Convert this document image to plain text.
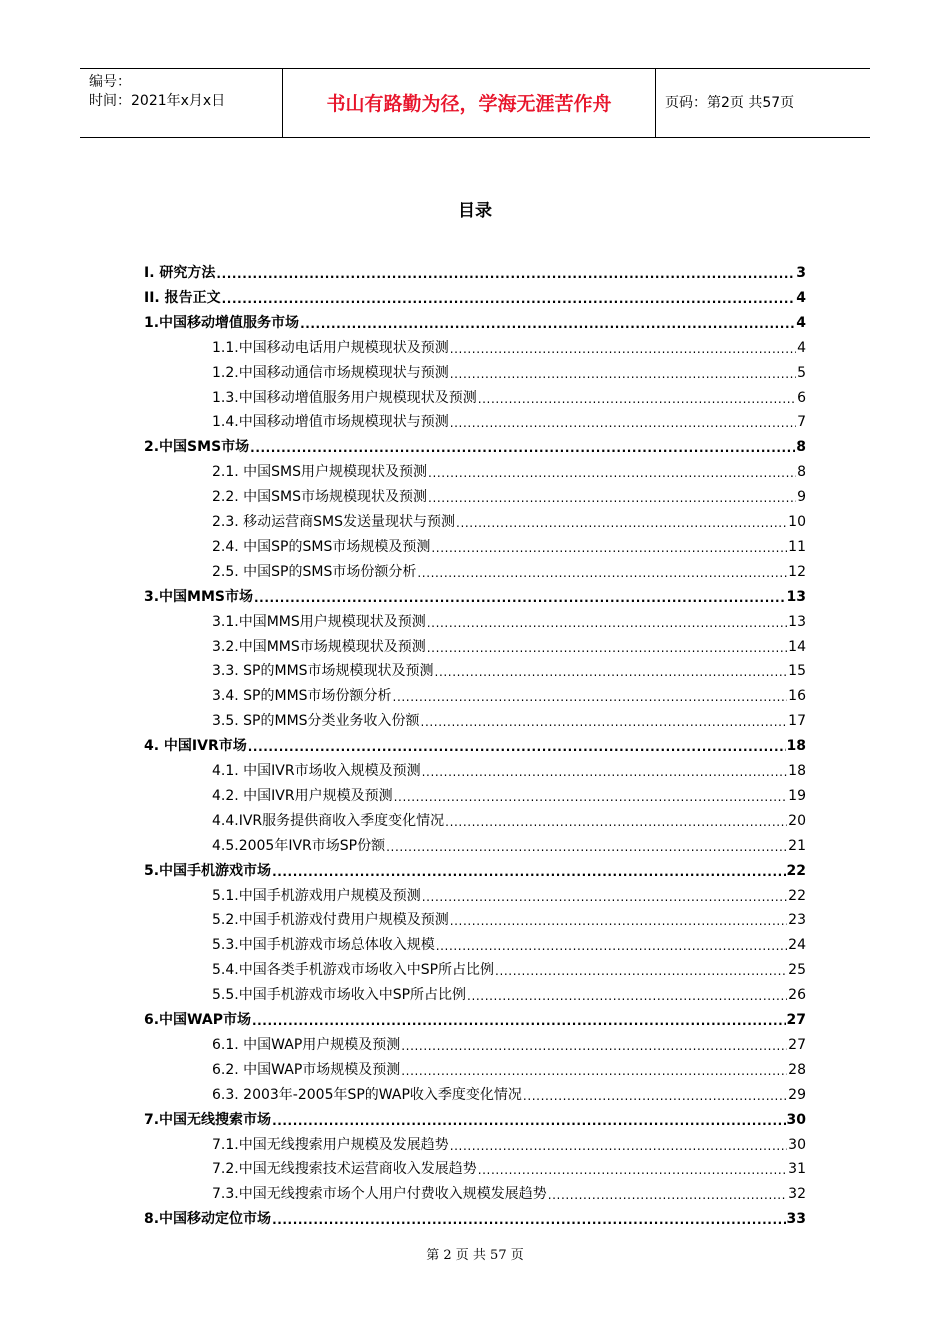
编号：
时间：2021年x月x日	书山有路勤为径，学海无涯苦作舟	页码：第2页 共57页
目录
I. 研究方法 .....	3
II. 报告正文 .....	4
1.中国移动增值服务市场 .....	4
1.1.中国移动电话用户规模现状及预测 .....	4
1.2.中国移动通信市场规模现状与预测 .....	5
1.3.中国移动增值服务用户规模现状及预测 .....	6
1.4.中国移动增值市场规模现状与预测 .....	7
2.中国SMS市场 .....	8
2.1. 中国SMS用户规模现状及预测 .....	8
2.2. 中国SMS市场规模现状及预测 .....	9
2.3. 移动运营商SMS发送量现状与预测 .....	10
2.4. 中国SP的SMS市场规模及预测 .....	11
2.5. 中国SP的SMS市场份额分析 .....	12
3.中国MMS市场 .....	13
3.1.中国MMS用户规模现状及预测 .....	13
3.2.中国MMS市场规模现状及预测 .....	14
3.3. SP的MMS市场规模现状及预测 .....	15
3.4. SP的MMS市场份额分析 .....	16
3.5. SP的MMS分类业务收入份额 .....	17
4. 中国IVR市场 .....	18
4.1. 中国IVR市场收入规模及预测 .....	18
4.2. 中国IVR用户规模及预测 .....	19
4.4.IVR服务提供商收入季度变化情况 .....	20
4.5.2005年IVR市场SP份额 .....	21
5.中国手机游戏市场 .....	22
5.1.中国手机游戏用户规模及预测 .....	22
5.2.中国手机游戏付费用户规模及预测 .....	23
5.3.中国手机游戏市场总体收入规模 .....	24
5.4.中国各类手机游戏市场收入中SP所占比例 .....	25
5.5.中国手机游戏市场收入中SP所占比例 .....	26
6.中国WAP市场 .....	27
6.1. 中国WAP用户规模及预测 .....	27
6.2. 中国WAP市场规模及预测 .....	28
6.3. 2003年-2005年SP的WAP收入季度变化情况 .....	29
7.中国无线搜索市场 .....	30
7.1.中国无线搜索用户规模及发展趋势 .....	30
7.2.中国无线搜索技术运营商收入发展趋势 .....	31
7.3.中国无线搜索市场个人用户付费收入规模发展趋势 .....	32
8.中国移动定位市场 .....	33
第 2 页 共 57 页
